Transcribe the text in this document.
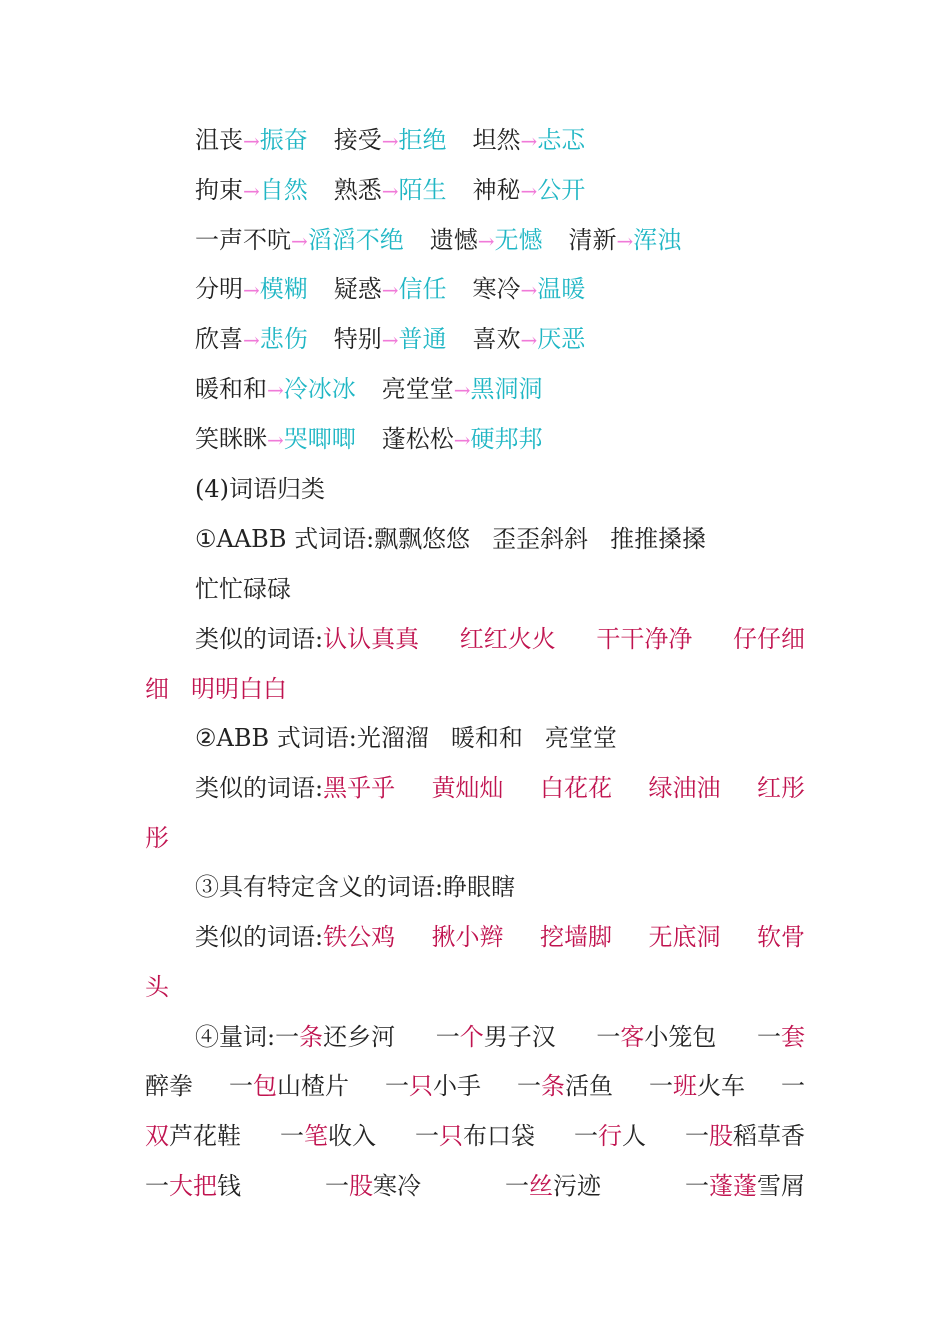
沮丧→振奋 接受→拒绝 坦然→忐忑
拘束→自然 熟悉→陌生 神秘→公开
一声不吭→滔滔不绝 遗憾→无憾 清新→浑浊
分明→模糊 疑惑→信任 寒冷→温暖
欣喜→悲伤 特别→普通 喜欢→厌恶
暖和和→冷冰冰 亮堂堂→黑洞洞
笑眯眯→哭唧唧 蓬松松→硬邦邦
(4)词语归类
①AABB 式词语:飘飘悠悠 歪歪斜斜 推推搡搡
忙忙碌碌
类似的词语:认认真真 红红火火 干干净净 仔仔细
细 明明白白
②ABB 式词语:光溜溜 暖和和 亮堂堂
类似的词语:黑乎乎 黄灿灿 白花花 绿油油 红彤
彤
③具有特定含义的词语:睁眼瞎
类似的词语:铁公鸡 揪小辫 挖墙脚 无底洞 软骨
头
④量词:一条还乡河 一个男子汉 一客小笼包 一套
醉拳 一包山楂片 一只小手 一条活鱼 一班火车 一
双芦花鞋 一笔收入 一只布口袋 一行人 一股稻草香
一大把钱	一股寒冷	一丝污迹	一蓬蓬雪屑
